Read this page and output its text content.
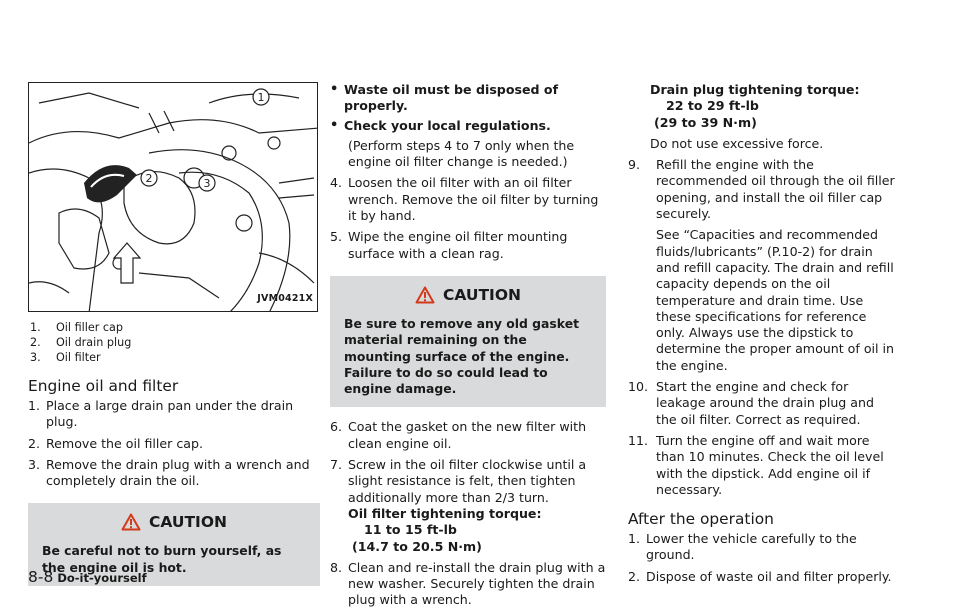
1
3
2
JVM0421X
1.	Oil filler cap
2.	Oil drain plug
3.	Oil filter
Engine oil and filter
1. Place a large drain pan under the drain plug.
2. Remove the oil filler cap.
3. Remove the drain plug with a wrench and completely drain the oil.
CAUTION
Be careful not to burn yourself, as the engine oil is hot.
• Waste oil must be disposed of properly.
• Check your local regulations.
(Perform steps 4 to 7 only when the engine oil filter change is needed.)
4. Loosen the oil filter with an oil filter wrench. Remove the oil filter by turning it by hand.
5. Wipe the engine oil filter mounting surface with a clean rag.
CAUTION
Be sure to remove any old gasket material remaining on the mounting surface of the engine. Failure to do so could lead to engine damage.
6. Coat the gasket on the new filter with clean engine oil.
7. Screw in the oil filter clockwise until a slight resistance is felt, then tighten additionally more than 2/3 turn.
Oil filter tightening torque:
11 to 15 ft-lb
(14.7 to 20.5 N·m)
8. Clean and re-install the drain plug with a new washer. Securely tighten the drain plug with a wrench.
Drain plug tightening torque:
22 to 29 ft-lb
(29 to 39 N·m)
Do not use excessive force.
9.	Refill the engine with the recommended oil through the oil filler opening, and install the oil filler cap securely.
See “Capacities and recommended fluids/lubricants” (P.10-2) for drain and refill capacity. The drain and refill capacity depends on the oil temperature and drain time. Use these specifications for reference only. Always use the dipstick to determine the proper amount of oil in the engine.
10. Start the engine and check for leakage around the drain plug and the oil filter. Correct as required.
11. Turn the engine off and wait more than 10 minutes. Check the oil level with the dipstick. Add engine oil if necessary.
After the operation
1. Lower the vehicle carefully to the ground.
2. Dispose of waste oil and filter properly.
8-8 Do-it-yourself
